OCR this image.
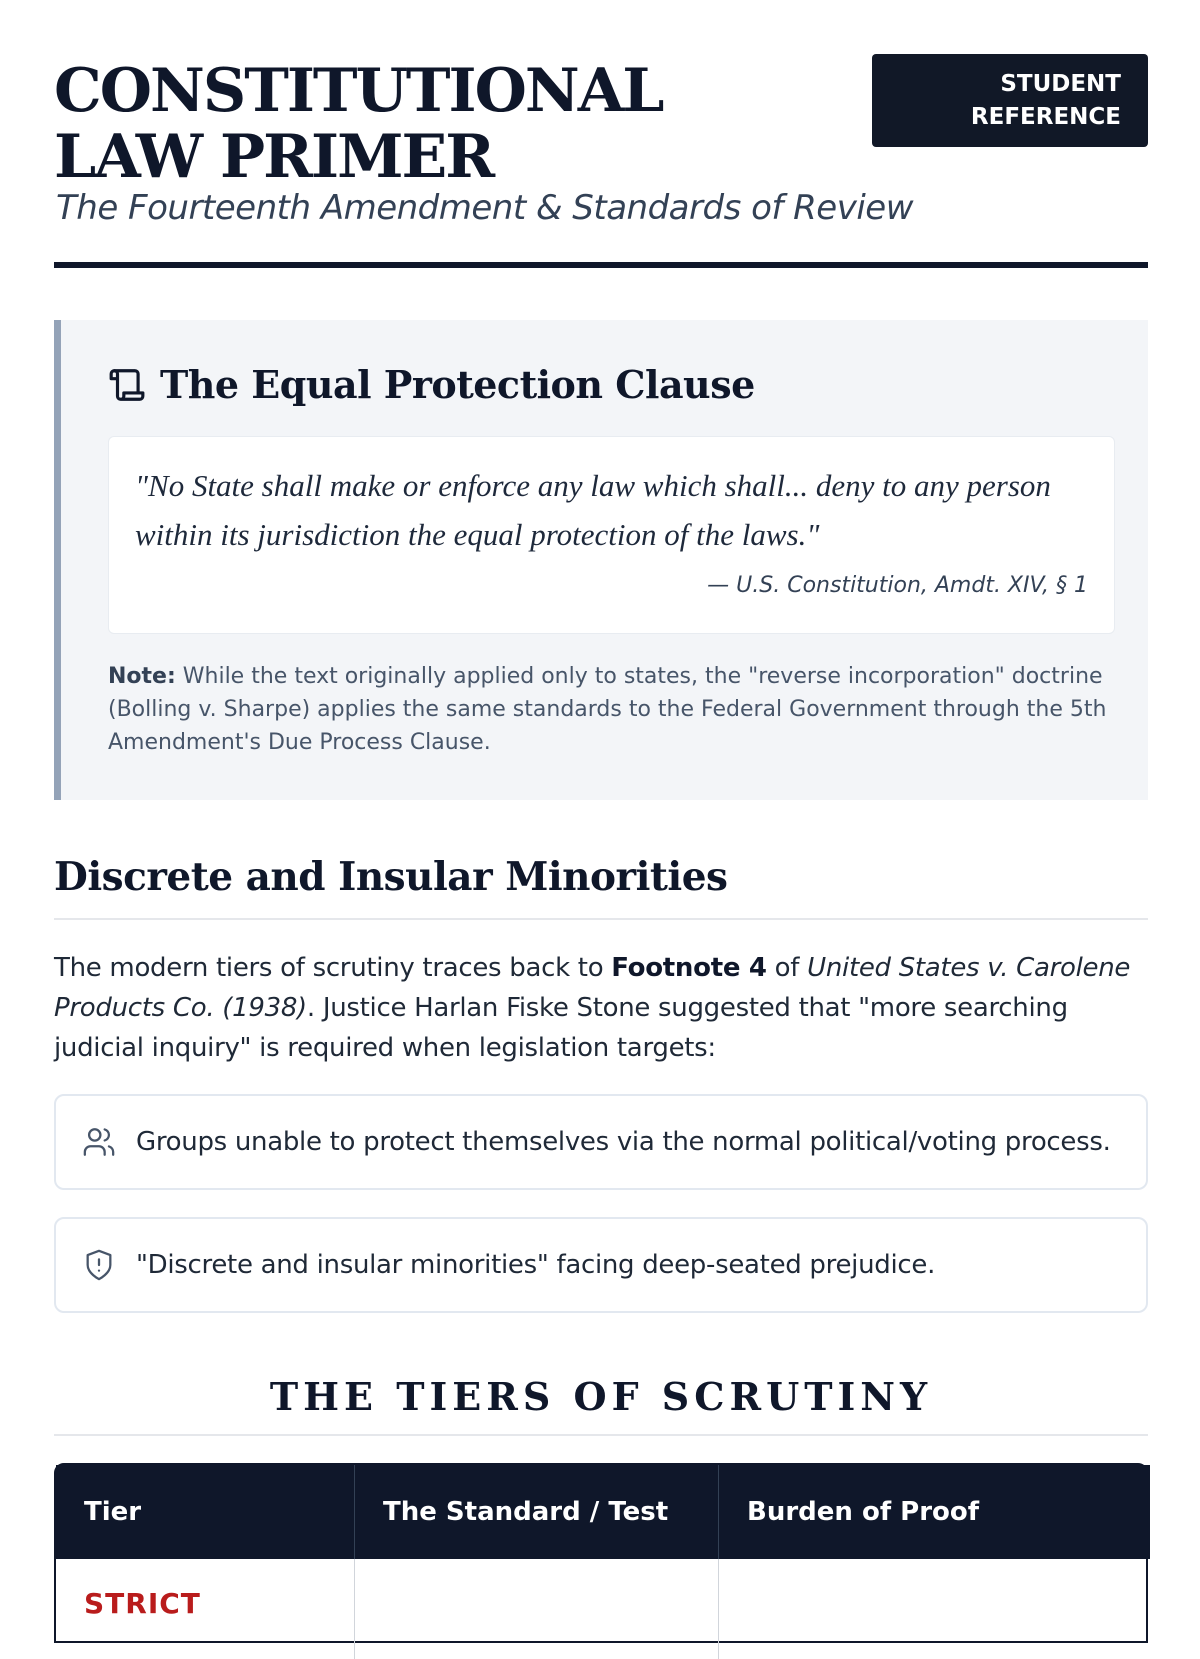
CONSTITUTIONAL LAW PRIMER
The Fourteenth Amendment & Standards of Review
STUDENT REFERENCE
The Equal Protection Clause
"No State shall make or enforce any law which shall... deny to any person within its jurisdiction the equal protection of the laws."
— U.S. Constitution, Amdt. XIV, § 1
Note: While the text originally applied only to states, the "reverse incorporation" doctrine (Bolling v. Sharpe) applies the same standards to the Federal Government through the 5th Amendment's Due Process Clause.
Discrete and Insular Minorities
The modern tiers of scrutiny traces back to Footnote 4 of United States v. Carolene Products Co. (1938). Justice Harlan Fiske Stone suggested that "more searching judicial inquiry" is required when legislation targets:
Groups unable to protect themselves via the normal political/voting process.
"Discrete and insular minorities" facing deep-seated prejudice.
THE TIERS OF SCRUTINY
Tier	The Standard / Test	Burden of Proof
STRICT
